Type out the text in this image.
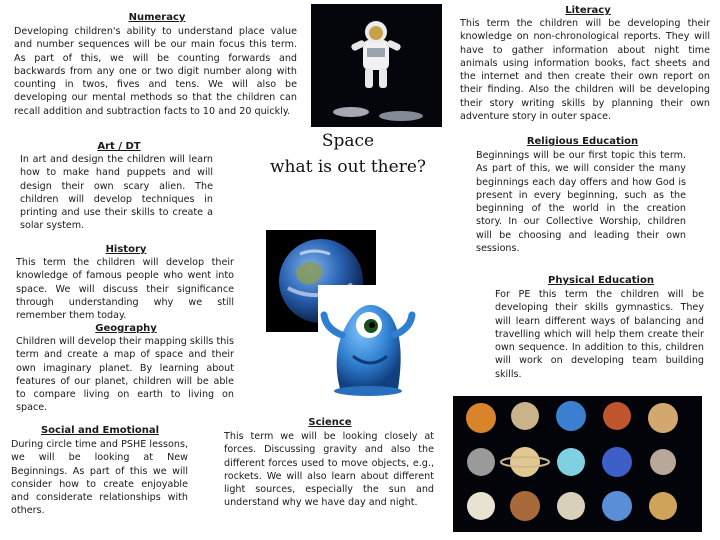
Numeracy
Developing children's ability to understand place value and number sequences will be our main focus this term. As part of this, we will be counting forwards and backwards from any one or two digit number along with counting in twos, fives and tens. We will also be developing our mental methods so that the children can recall addition and subtraction facts to 10 and 20 quickly.
Literacy
This term the children will be developing their knowledge on non-chronological reports. They will have to gather information about night time animals using information books, fact sheets and the internet and then create their own report on their finding. Also the children will be developing their story writing skills by planning their own adventure story in outer space.
Art / DT
In art and design the children will learn how to make hand puppets and will design their own scary alien. The children will develop techniques in printing and use their skills to create a solar system.
Space
what is out there?
Religious Education
Beginnings will be our first topic this term. As part of this, we will consider the many beginnings each day offers and how God is present in every beginning, such as the beginning of the world in the creation story. In our Collective Worship, children will be choosing and leading their own sessions.
History
This term the children will develop their knowledge of famous people who went into space. We will discuss their significance through understanding why we still remember them today.
Geography
Children will develop their mapping skills this term and create a map of space and their own imaginary planet. By learning about features of our planet, children will be able to compare living on earth to living on space.
Physical Education
For PE this term the children will be developing their skills gymnastics. They will learn different ways of balancing and travelling which will help them create their own sequence. In addition to this, children will work on developing team building skills.
Social and Emotional
During circle time and PSHE lessons, we will be looking at New Beginnings. As part of this we will consider how to create enjoyable and considerate relationships with others.
Science
This term we will be looking closely at forces. Discussing gravity and also the different forces used to move objects, e.g., rockets. We will also learn about different light sources, especially the sun and understand why we have day and night.
